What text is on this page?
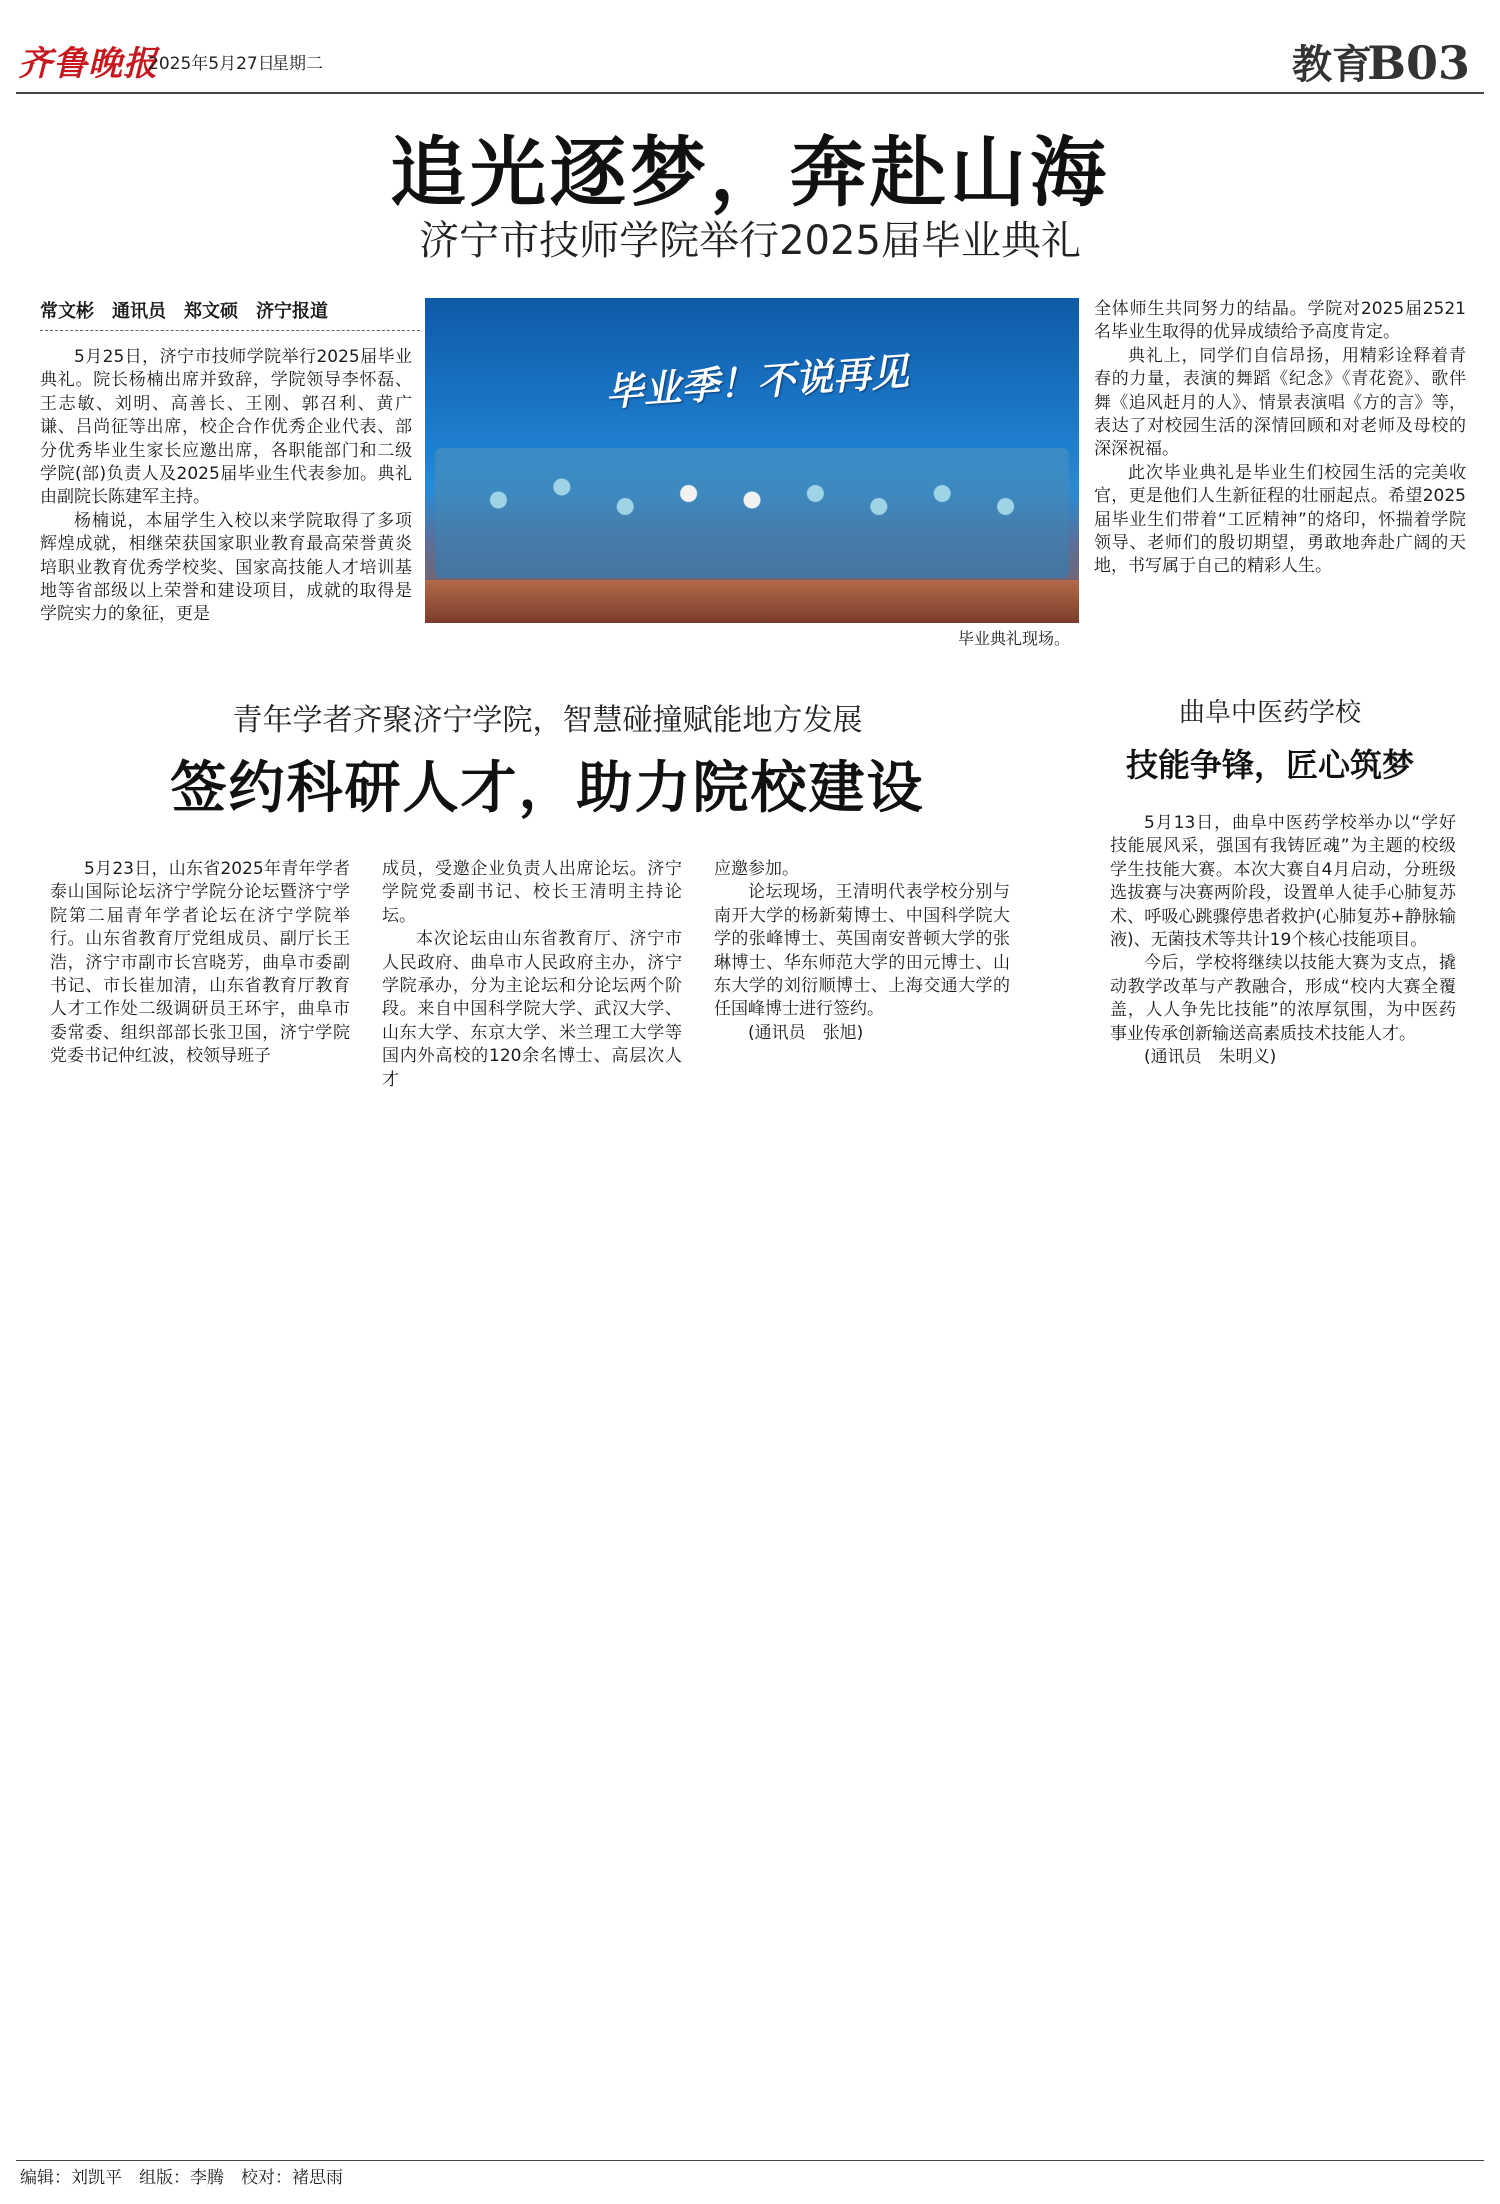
齐鲁晚报
2025年5月27日
星期二	教育
B03
追光逐梦，奔赴山海
济宁市技师学院举行2025届毕业典礼
常文彬　通讯员　郑文硕　济宁报道

5月25日，济宁市技师学院举行2025届毕业典礼。院长杨楠出席并致辞，学院领导李怀磊、王志敏、刘明、高善长、王刚、郭召利、黄广谦、吕尚征等出席，校企合作优秀企业代表、部分优秀毕业生家长应邀出席，各职能部门和二级学院(部)负责人及2025届毕业生代表参加。典礼由副院长陈建军主持。

杨楠说，本届学生入校以来学院取得了多项辉煌成就，相继荣获国家职业教育最高荣誉黄炎培职业教育优秀学校奖、国家高技能人才培训基地等省部级以上荣誉和建设项目，成就的取得是学院实力的象征，更是

毕业季！不说再见
毕业典礼现场。

全体师生共同努力的结晶。学院对2025届2521名毕业生取得的优异成绩给予高度肯定。

典礼上，同学们自信昂扬，用精彩诠释着青春的力量，表演的舞蹈《纪念》《青花瓷》、歌伴舞《追风赶月的人》、情景表演唱《方的言》等，表达了对校园生活的深情回顾和对老师及母校的深深祝福。

此次毕业典礼是毕业生们校园生活的完美收官，更是他们人生新征程的壮丽起点。希望2025届毕业生们带着“工匠精神”的烙印，怀揣着学院领导、老师们的殷切期望，勇敢地奔赴广阔的天地，书写属于自己的精彩人生。

青年学者齐聚济宁学院，智慧碰撞赋能地方发展
签约科研人才，助力院校建设

5月23日，山东省2025年青年学者泰山国际论坛济宁学院分论坛暨济宁学院第二届青年学者论坛在济宁学院举行。山东省教育厅党组成员、副厅长王浩，济宁市副市长宫晓芳，曲阜市委副书记、市长崔加清，山东省教育厅教育人才工作处二级调研员王环宇，曲阜市委常委、组织部部长张卫国，济宁学院党委书记仲红波，校领导班子

成员，受邀企业负责人出席论坛。济宁学院党委副书记、校长王清明主持论坛。

本次论坛由山东省教育厅、济宁市人民政府、曲阜市人民政府主办，济宁学院承办，分为主论坛和分论坛两个阶段。来自中国科学院大学、武汉大学、山东大学、东京大学、米兰理工大学等国内外高校的120余名博士、高层次人才

应邀参加。

论坛现场，王清明代表学校分别与南开大学的杨新菊博士、中国科学院大学的张峰博士、英国南安普顿大学的张琳博士、华东师范大学的田元博士、山东大学的刘衍顺博士、上海交通大学的任国峰博士进行签约。

(通讯员　张旭)

曲阜中医药学校
技能争锋，匠心筑梦

5月13日，曲阜中医药学校举办以“学好技能展风采，强国有我铸匠魂”为主题的校级学生技能大赛。本次大赛自4月启动，分班级选拔赛与决赛两阶段，设置单人徒手心肺复苏术、呼吸心跳骤停患者救护(心肺复苏+静脉输液)、无菌技术等共计19个核心技能项目。

今后，学校将继续以技能大赛为支点，撬动教学改革与产教融合，形成“校内大赛全覆盖，人人争先比技能”的浓厚氛围，为中医药事业传承创新输送高素质技术技能人才。

(通讯员　朱明义)

编辑：刘凯平　组版：李腾　校对：褚思雨
